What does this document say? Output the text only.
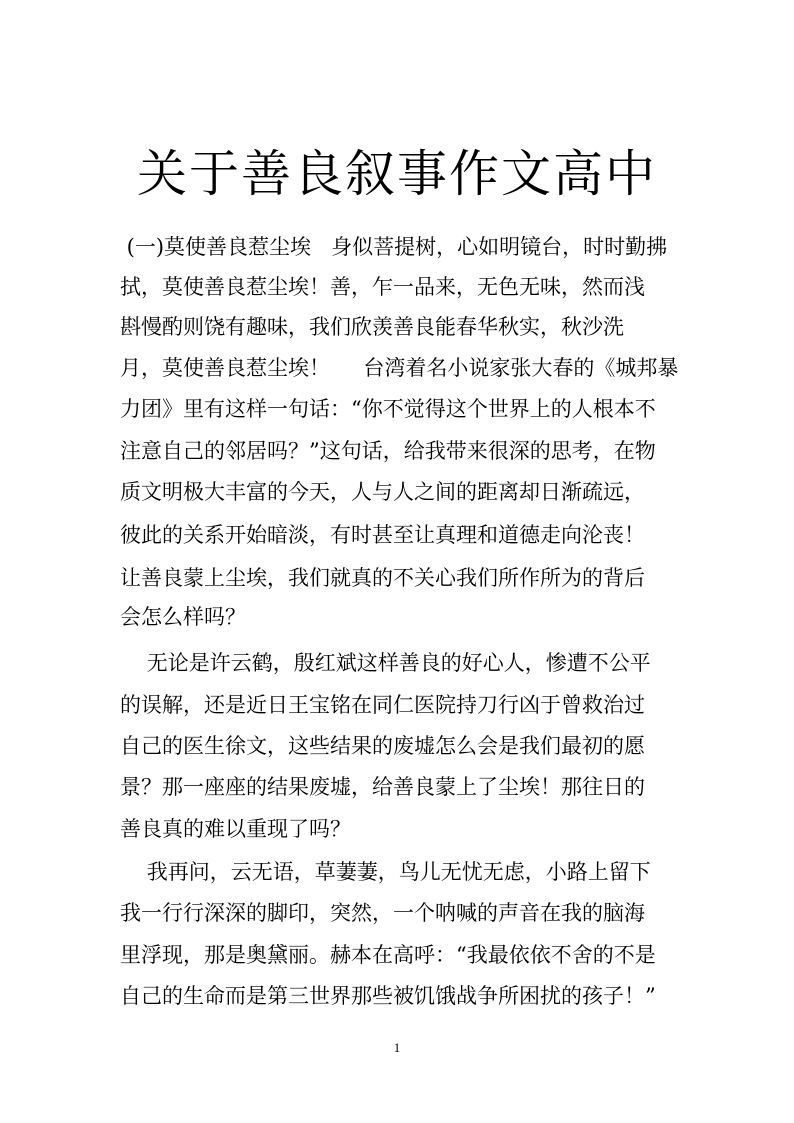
关于善良叙事作文高中

(一)莫使善良惹尘埃   身似菩提树，心如明镜台，时时勤拂

拭，莫使善良惹尘埃！善，乍一品来，无色无味，然而浅

斟慢酌则饶有趣味，我们欣羡善良能春华秋实，秋沙洗

月，莫使善良惹尘埃！     台湾着名小说家张大春的《城邦暴

力团》里有这样一句话：“你不觉得这个世界上的人根本不

注意自己的邻居吗？”这句话，给我带来很深的思考，在物

质文明极大丰富的今天，人与人之间的距离却日渐疏远，

彼此的关系开始暗淡，有时甚至让真理和道德走向沦丧！

让善良蒙上尘埃，我们就真的不关心我们所作所为的背后

会怎么样吗？

无论是许云鹤，殷红斌这样善良的好心人，惨遭不公平

的误解，还是近日王宝铭在同仁医院持刀行凶于曾救治过

自己的医生徐文，这些结果的废墟怎么会是我们最初的愿

景？那一座座的结果废墟，给善良蒙上了尘埃！那往日的

善良真的难以重现了吗？

我再问，云无语，草萋萋，鸟儿无忧无虑，小路上留下

我一行行深深的脚印，突然，一个呐喊的声音在我的脑海

里浮现，那是奥黛丽。赫本在高呼：“我最依依不舍的不是

自己的生命而是第三世界那些被饥饿战争所困扰的孩子！”

1
